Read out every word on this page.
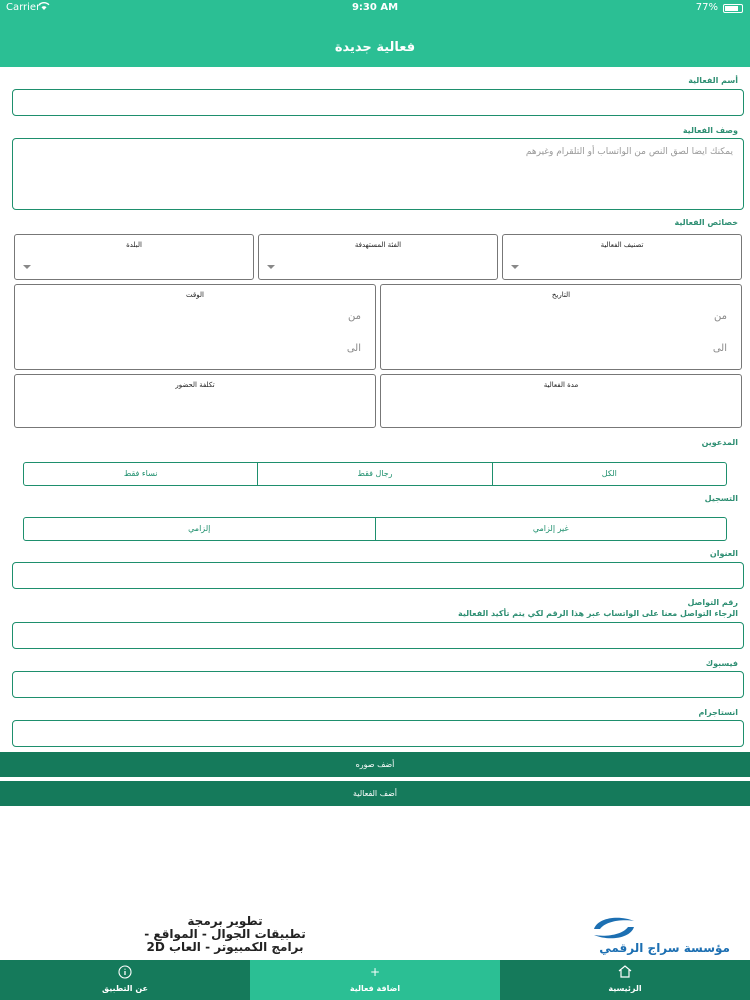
Carrier	9:30 AM	77%
فعالية جديدة
أسم الفعالية
وصف الفعالية
يمكنك ايضا لصق النص من الواتساب أو التلقرام وغيرهم
خصائص الفعالية
تصنيف الفعالية
الفئة المستهدفة
البلدة
التاريخ
من
الى
الوقت
من
الى
مدة الفعالية
تكلفة الحضور
المدعوين
الكل
رجال فقط
نساء فقط
التسجيل
غير إلزامي
إلزامي
العنوان
رقم التواصل
الرجاء التواصل معنا على الواتساب عبر هذا الرقم لكي يتم تأكيد الفعالية
فيسبوك
انستاجرام
أضف صوره
أضف الفعالية
مؤسسة سراج الرقمي
تطوير برمجة
تطبيقات الجوال - المواقع -
برامج الكمبيوتر - العاب 2D
الرئيسية
+
اضافة فعالية
عن التطبيق
